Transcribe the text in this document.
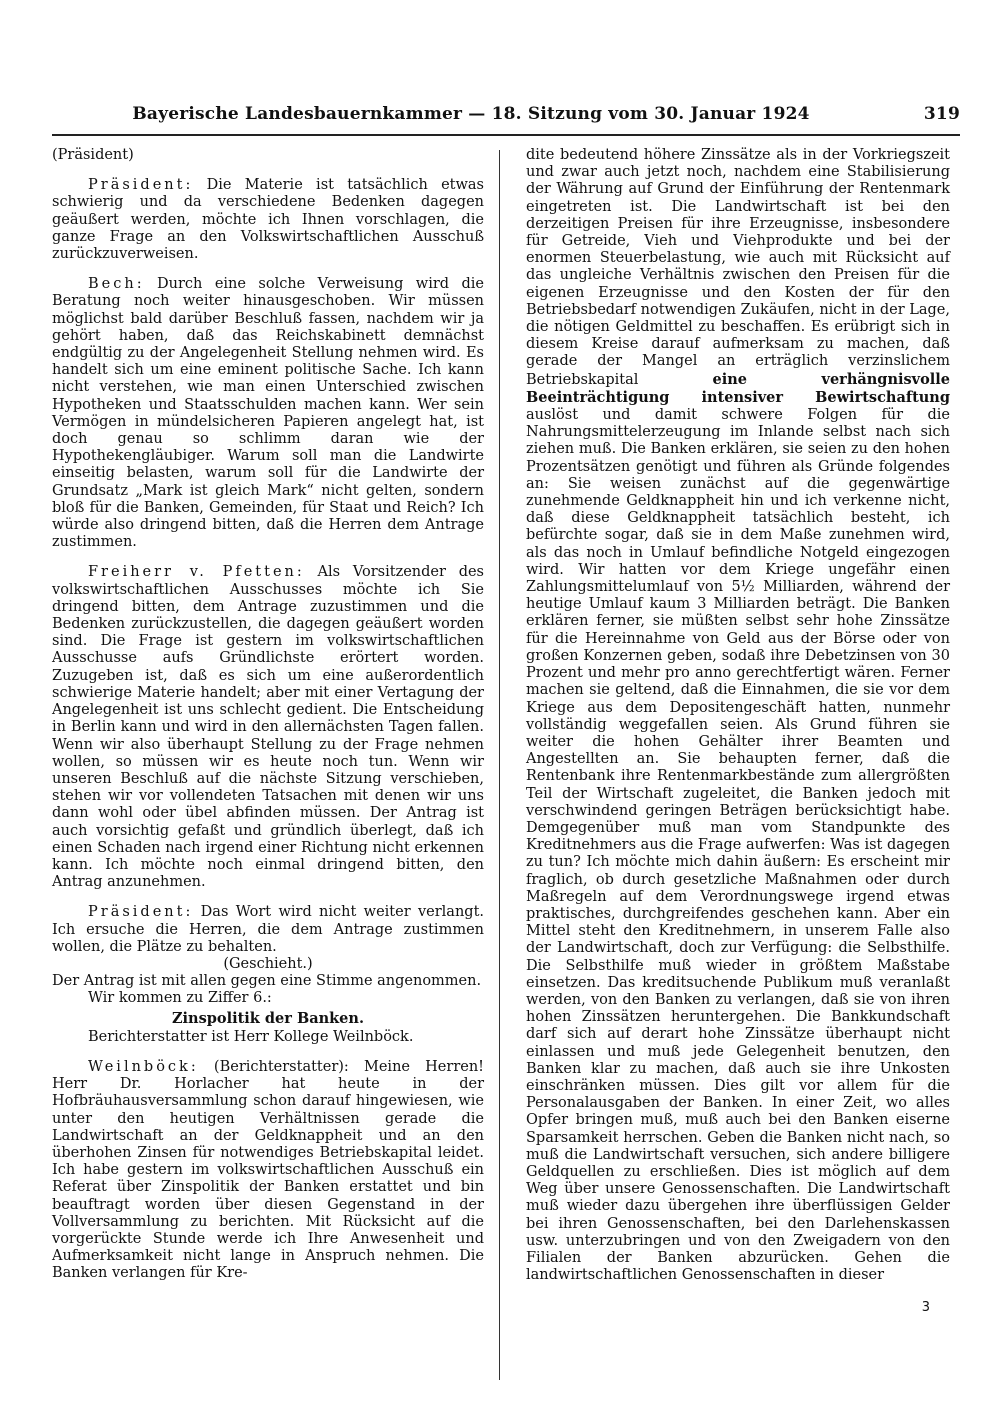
Bayerische Landesbauernkammer — 18. Sitzung vom 30. Januar 1924	319

(Präsident)

Präsident: Die Materie ist tatsächlich etwas schwierig und da verschiedene Bedenken dagegen geäußert werden, möchte ich Ihnen vorschlagen, die ganze Frage an den Volkswirtschaftlichen Ausschuß zurückzuverweisen.

Bech: Durch eine solche Verweisung wird die Beratung noch weiter hinausgeschoben. Wir müssen möglichst bald darüber Beschluß fassen, nachdem wir ja gehört haben, daß das Reichskabinett demnächst endgültig zu der Angelegenheit Stellung nehmen wird. Es handelt sich um eine eminent politische Sache. Ich kann nicht verstehen, wie man einen Unterschied zwischen Hypotheken und Staatsschulden machen kann. Wer sein Vermögen in mündelsicheren Papieren angelegt hat, ist doch genau so schlimm daran wie der Hypothekengläubiger. Warum soll man die Landwirte einseitig belasten, warum soll für die Landwirte der Grundsatz „Mark ist gleich Mark“ nicht gelten, sondern bloß für die Banken, Gemeinden, für Staat und Reich? Ich würde also dringend bitten, daß die Herren dem Antrage zustimmen.

Freiherr v. Pfetten: Als Vorsitzender des volkswirtschaftlichen Ausschusses möchte ich Sie dringend bitten, dem Antrage zuzustimmen und die Bedenken zurückzustellen, die dagegen geäußert worden sind. Die Frage ist gestern im volkswirtschaftlichen Ausschusse aufs Gründlichste erörtert worden. Zuzugeben ist, daß es sich um eine außerordentlich schwierige Materie handelt; aber mit einer Vertagung der Angelegenheit ist uns schlecht gedient. Die Entscheidung in Berlin kann und wird in den allernächsten Tagen fallen. Wenn wir also überhaupt Stellung zu der Frage nehmen wollen, so müssen wir es heute noch tun. Wenn wir unseren Beschluß auf die nächste Sitzung verschieben, stehen wir vor vollendeten Tatsachen mit denen wir uns dann wohl oder übel abfinden müssen. Der Antrag ist auch vorsichtig gefaßt und gründlich überlegt, daß ich einen Schaden nach irgend einer Richtung nicht erkennen kann. Ich möchte noch einmal dringend bitten, den Antrag anzunehmen.

Präsident: Das Wort wird nicht weiter verlangt. Ich ersuche die Herren, die dem Antrage zustimmen wollen, die Plätze zu behalten.

(Geschieht.)

Der Antrag ist mit allen gegen eine Stimme angenommen.

Wir kommen zu Ziffer 6.:

Zinspolitik der Banken.

Berichterstatter ist Herr Kollege Weilnböck.

Weilnböck: (Berichterstatter): Meine Herren! Herr Dr. Horlacher hat heute in der Hofbräuhausversammlung schon darauf hingewiesen, wie unter den heutigen Verhältnissen gerade die Landwirtschaft an der Geldknappheit und an den überhohen Zinsen für notwendiges Betriebskapital leidet. Ich habe gestern im volkswirtschaftlichen Ausschuß ein Referat über Zinspolitik der Banken erstattet und bin beauftragt worden über diesen Gegenstand in der Vollversammlung zu berichten. Mit Rücksicht auf die vorgerückte Stunde werde ich Ihre Anwesenheit und Aufmerksamkeit nicht lange in Anspruch nehmen. Die Banken verlangen für Kre-

dite bedeutend höhere Zinssätze als in der Vorkriegszeit und zwar auch jetzt noch, nachdem eine Stabilisierung der Währung auf Grund der Einführung der Rentenmark eingetreten ist. Die Landwirtschaft ist bei den derzeitigen Preisen für ihre Erzeugnisse, insbesondere für Getreide, Vieh und Viehprodukte und bei der enormen Steuerbelastung, wie auch mit Rücksicht auf das ungleiche Verhältnis zwischen den Preisen für die eigenen Erzeugnisse und den Kosten der für den Betriebsbedarf notwendigen Zukäufen, nicht in der Lage, die nötigen Geldmittel zu beschaffen. Es erübrigt sich in diesem Kreise darauf aufmerksam zu machen, daß gerade der Mangel an erträglich verzinslichem Betriebskapital	eine verhängnisvolle Beeinträchtigung intensiver Bewirtschaftung auslöst und damit schwere Folgen für die Nahrungsmittelerzeugung im Inlande selbst nach sich ziehen muß. Die Banken erklären, sie seien zu den hohen Prozentsätzen genötigt und führen als Gründe folgendes an: Sie weisen zunächst auf die gegenwärtige zunehmende Geldknappheit hin und ich verkenne nicht, daß diese Geldknappheit tatsächlich besteht, ich befürchte sogar, daß sie in dem Maße zunehmen wird, als das noch in Umlauf befindliche Notgeld eingezogen wird. Wir hatten vor dem Kriege ungefähr einen Zahlungsmittelumlauf von 5½ Milliarden, während der heutige Umlauf kaum 3 Milliarden beträgt. Die Banken erklären ferner, sie müßten selbst sehr hohe Zinssätze für die Hereinnahme von Geld aus der Börse oder von großen Konzernen geben, sodaß ihre Debetzinsen von 30 Prozent und mehr pro anno gerechtfertigt wären. Ferner machen sie geltend, daß die Einnahmen, die sie vor dem Kriege aus dem Depositengeschäft hatten, nunmehr vollständig weggefallen seien. Als Grund führen sie weiter die hohen Gehälter ihrer Beamten und Angestellten an. Sie behaupten ferner, daß die Rentenbank ihre Rentenmarkbestände zum allergrößten Teil der Wirtschaft zugeleitet, die Banken jedoch mit verschwindend geringen Beträgen berücksichtigt habe. Demgegenüber muß man vom Standpunkte des Kreditnehmers aus die Frage aufwerfen: Was ist dagegen zu tun? Ich möchte mich dahin äußern: Es erscheint mir fraglich, ob durch gesetzliche Maßnahmen oder durch Maßregeln auf dem Verordnungswege irgend etwas praktisches, durchgreifendes geschehen kann. Aber ein Mittel steht den Kreditnehmern, in unserem Falle also der Landwirtschaft, doch zur Verfügung: die Selbsthilfe. Die Selbsthilfe muß wieder in größtem Maßstabe einsetzen. Das kreditsuchende Publikum muß veranlaßt werden, von den Banken zu verlangen, daß sie von ihren hohen Zinssätzen heruntergehen. Die Bankkundschaft darf sich auf derart hohe Zinssätze überhaupt nicht einlassen und muß jede Gelegenheit benutzen, den Banken klar zu machen, daß auch sie ihre Unkosten einschränken müssen. Dies gilt vor allem für die Personalausgaben der Banken. In einer Zeit, wo alles Opfer bringen muß, muß auch bei den Banken eiserne Sparsamkeit herrschen. Geben die Banken nicht nach, so muß die Landwirtschaft versuchen, sich andere billigere Geldquellen zu erschließen. Dies ist möglich auf dem Weg über unsere Genossenschaften. Die Landwirtschaft muß wieder dazu übergehen ihre überflüssigen Gelder bei ihren Genossenschaften, bei den Darlehenskassen usw. unterzubringen und von den Zweigadern von den Filialen der Banken abzurücken. Gehen die landwirtschaftlichen Genossenschaften in dieser

3
